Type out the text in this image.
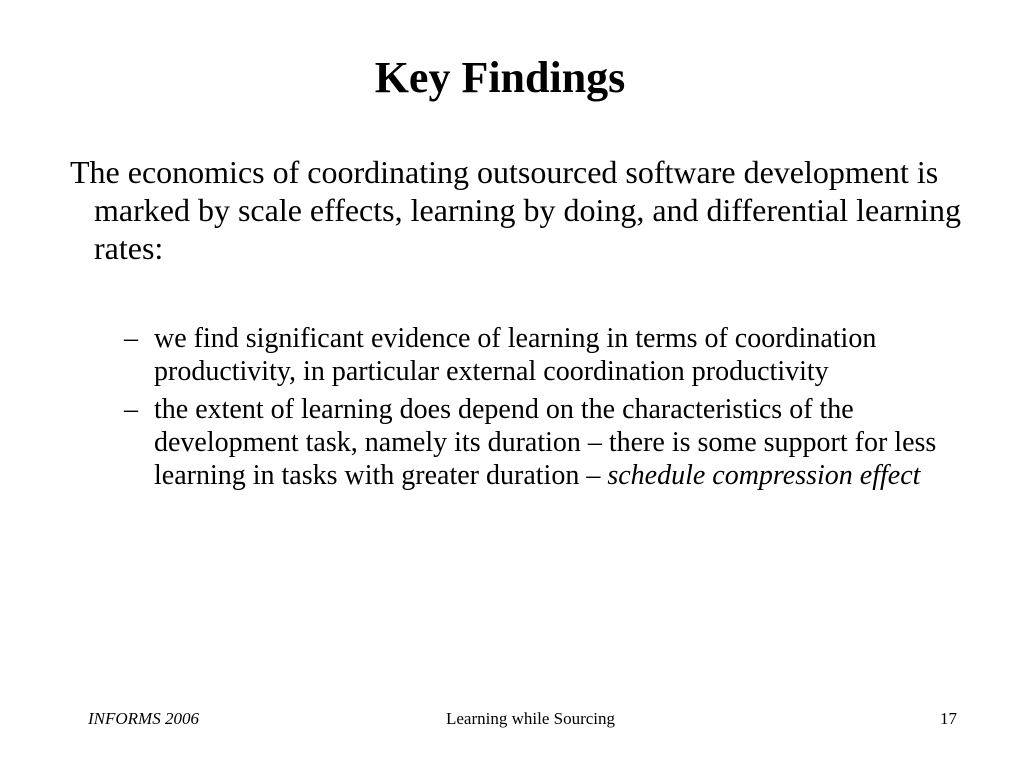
Key Findings
The economics of coordinating outsourced software development is marked by scale effects, learning by doing, and differential learning rates:
– we find significant evidence of learning in terms of coordination productivity, in particular external coordination productivity
– the extent of learning does depend on the characteristics of the development task, namely its duration – there is some support for less learning in tasks with greater duration – schedule compression effect
INFORMS 2006	Learning while Sourcing	17
